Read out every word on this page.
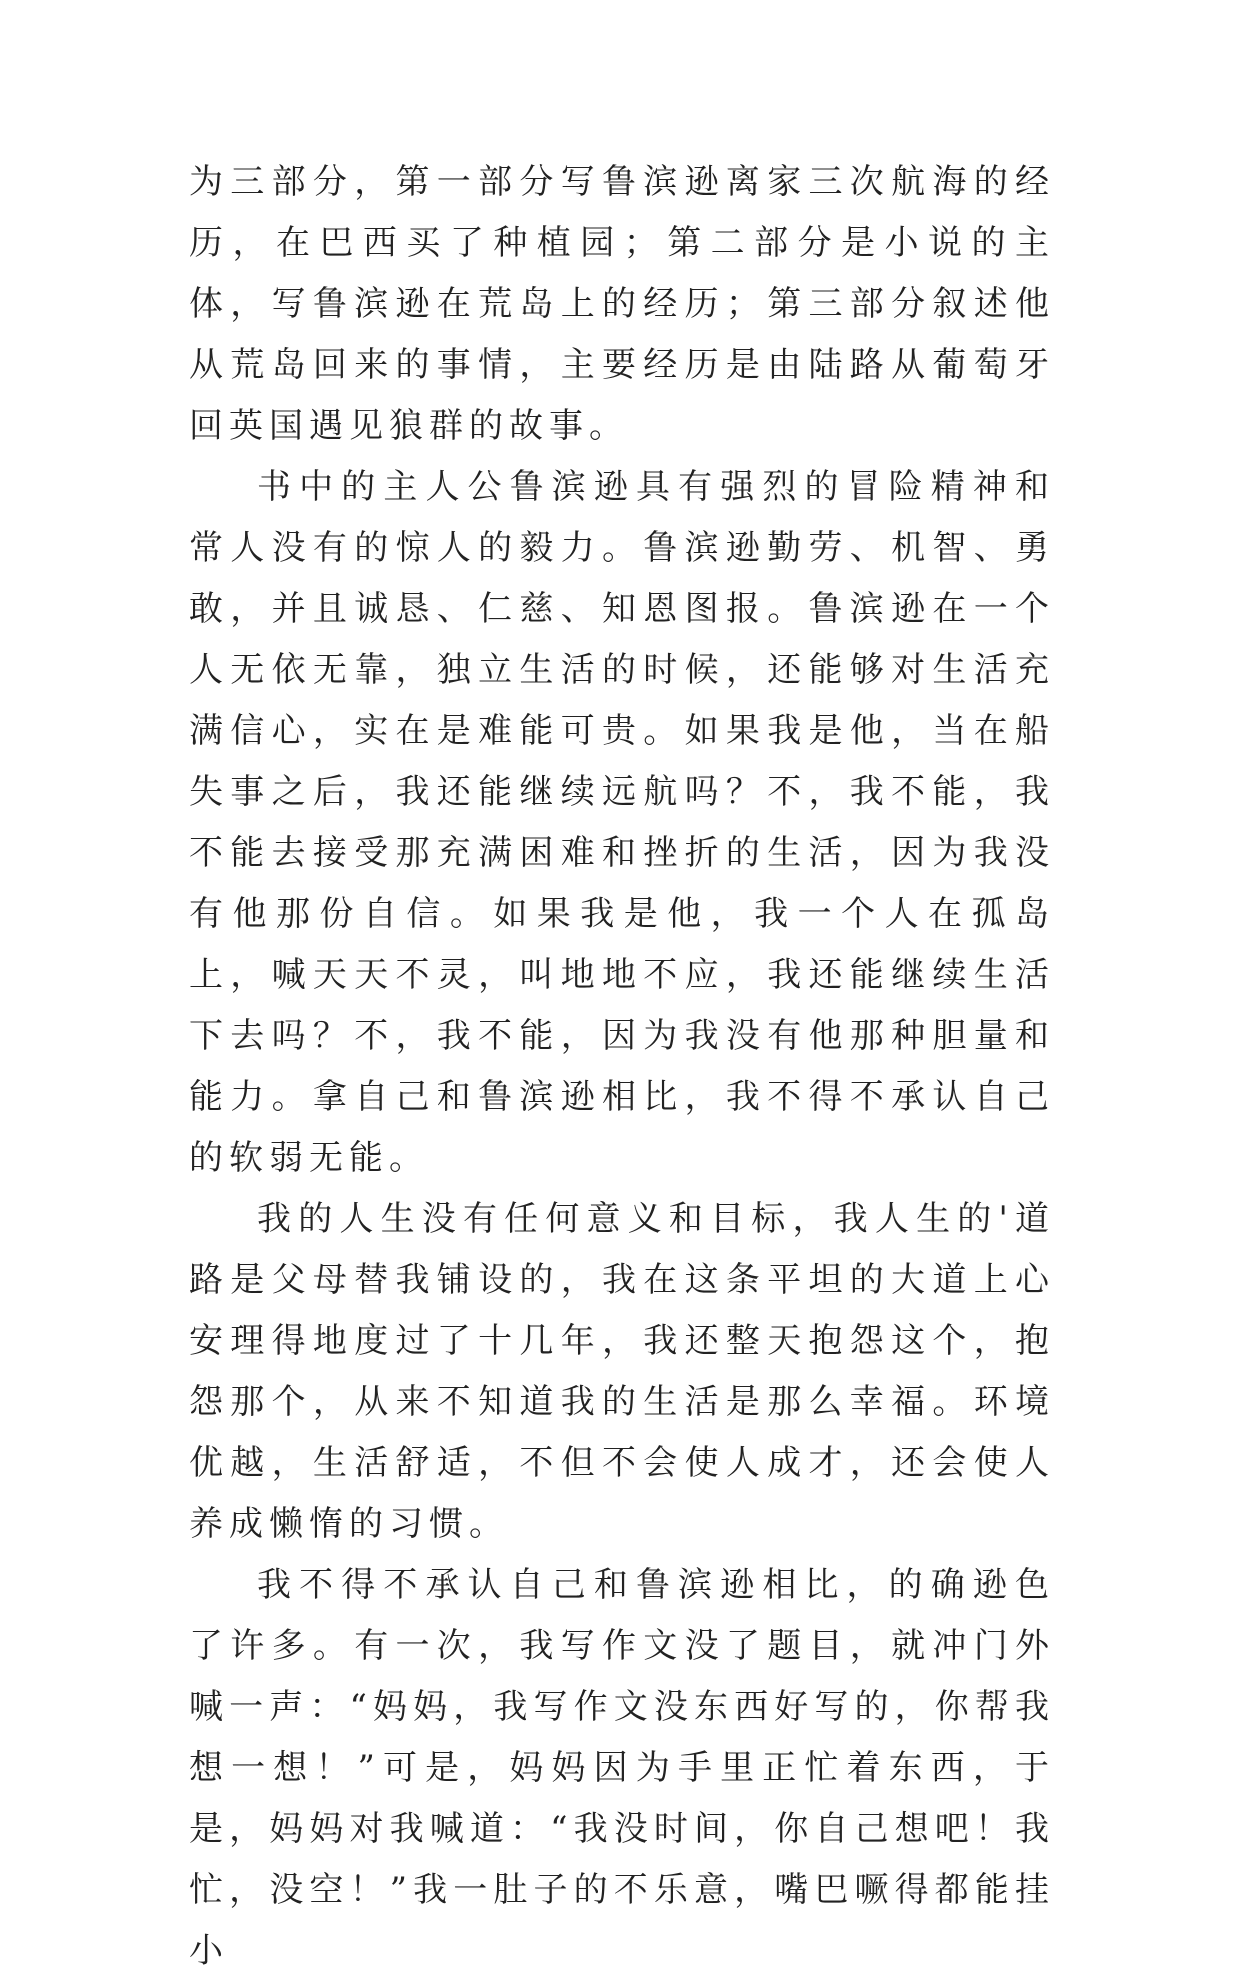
为三部分，第一部分写鲁滨逊离家三次航海的经历，在巴西买了种植园；第二部分是小说的主体，写鲁滨逊在荒岛上的经历；第三部分叙述他从荒岛回来的事情，主要经历是由陆路从葡萄牙回英国遇见狼群的故事。

书中的主人公鲁滨逊具有强烈的冒险精神和常人没有的惊人的毅力。鲁滨逊勤劳、机智、勇敢，并且诚恳、仁慈、知恩图报。鲁滨逊在一个人无依无靠，独立生活的时候，还能够对生活充满信心，实在是难能可贵。如果我是他，当在船失事之后，我还能继续远航吗？不，我不能，我不能去接受那充满困难和挫折的生活，因为我没有他那份自信。如果我是他，我一个人在孤岛上，喊天天不灵，叫地地不应，我还能继续生活下去吗？不，我不能，因为我没有他那种胆量和能力。拿自己和鲁滨逊相比，我不得不承认自己的软弱无能。

我的人生没有任何意义和目标，我人生的'道路是父母替我铺设的，我在这条平坦的大道上心安理得地度过了十几年，我还整天抱怨这个，抱怨那个，从来不知道我的生活是那么幸福。环境优越，生活舒适，不但不会使人成才，还会使人养成懒惰的习惯。

我不得不承认自己和鲁滨逊相比，的确逊色了许多。有一次，我写作文没了题目，就冲门外喊一声：“妈妈，我写作文没东西好写的，你帮我想一想！”可是，妈妈因为手里正忙着东西，于是，妈妈对我喊道：“我没时间，你自己想吧！我忙，没空！”我一肚子的不乐意，嘴巴噘得都能挂小
